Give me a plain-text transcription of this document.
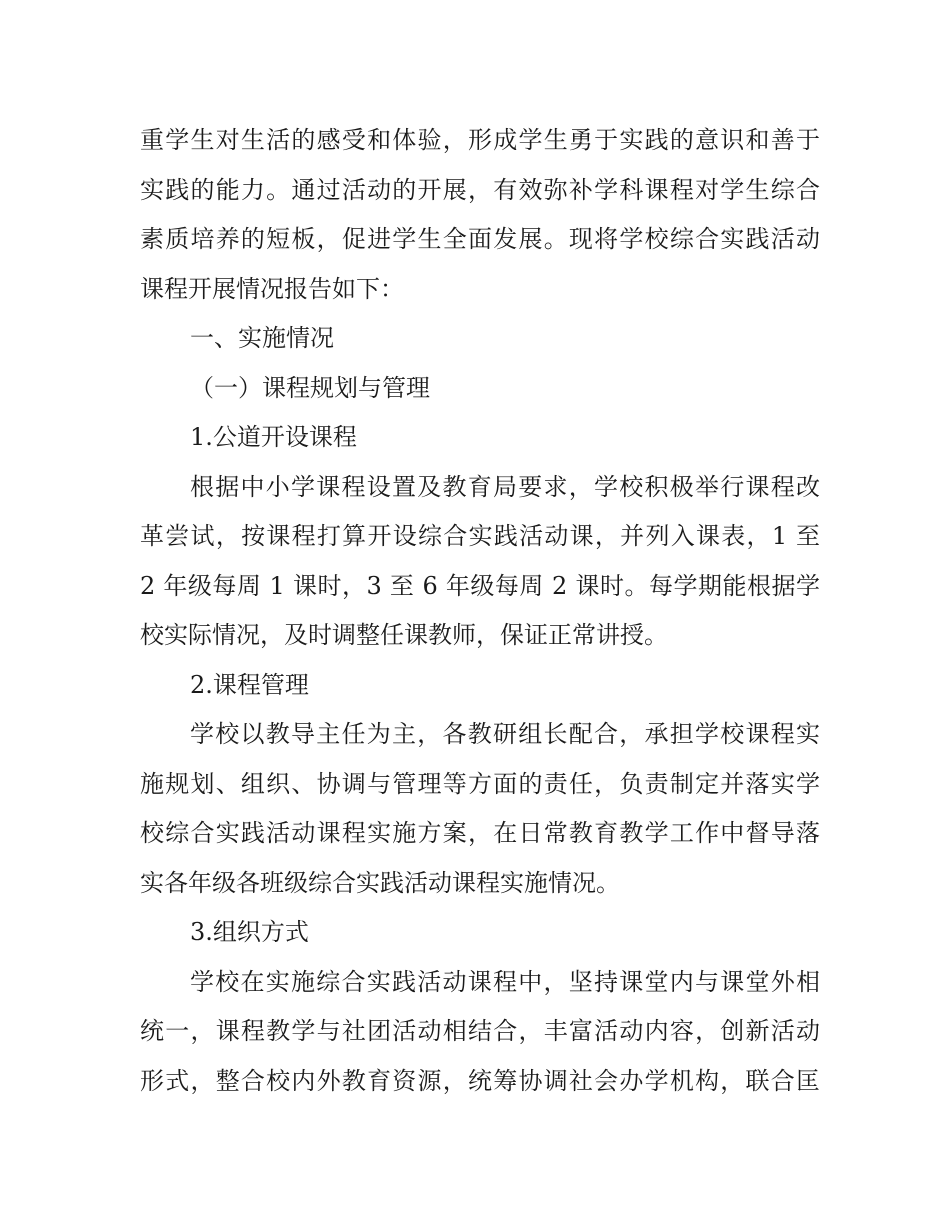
重学生对生活的感受和体验，形成学生勇于实践的意识和善于
实践的能力。通过活动的开展，有效弥补学科课程对学生综合
素质培养的短板，促进学生全面发展。现将学校综合实践活动
课程开展情况报告如下：
一、实施情况
（一）课程规划与管理
1.公道开设课程
根据中小学课程设置及教育局要求，学校积极举行课程改
革尝试，按课程打算开设综合实践活动课，并列入课表，1 至
2 年级每周 1 课时，3 至 6 年级每周 2 课时。每学期能根据学
校实际情况，及时调整任课教师，保证正常讲授。
2.课程管理
学校以教导主任为主，各教研组长配合，承担学校课程实
施规划、组织、协调与管理等方面的责任，负责制定并落实学
校综合实践活动课程实施方案，在日常教育教学工作中督导落
实各年级各班级综合实践活动课程实施情况。
3.组织方式
学校在实施综合实践活动课程中，坚持课堂内与课堂外相
统一，课程教学与社团活动相结合，丰富活动内容，创新活动
形式，整合校内外教育资源，统筹协调社会办学机构，联合匡
